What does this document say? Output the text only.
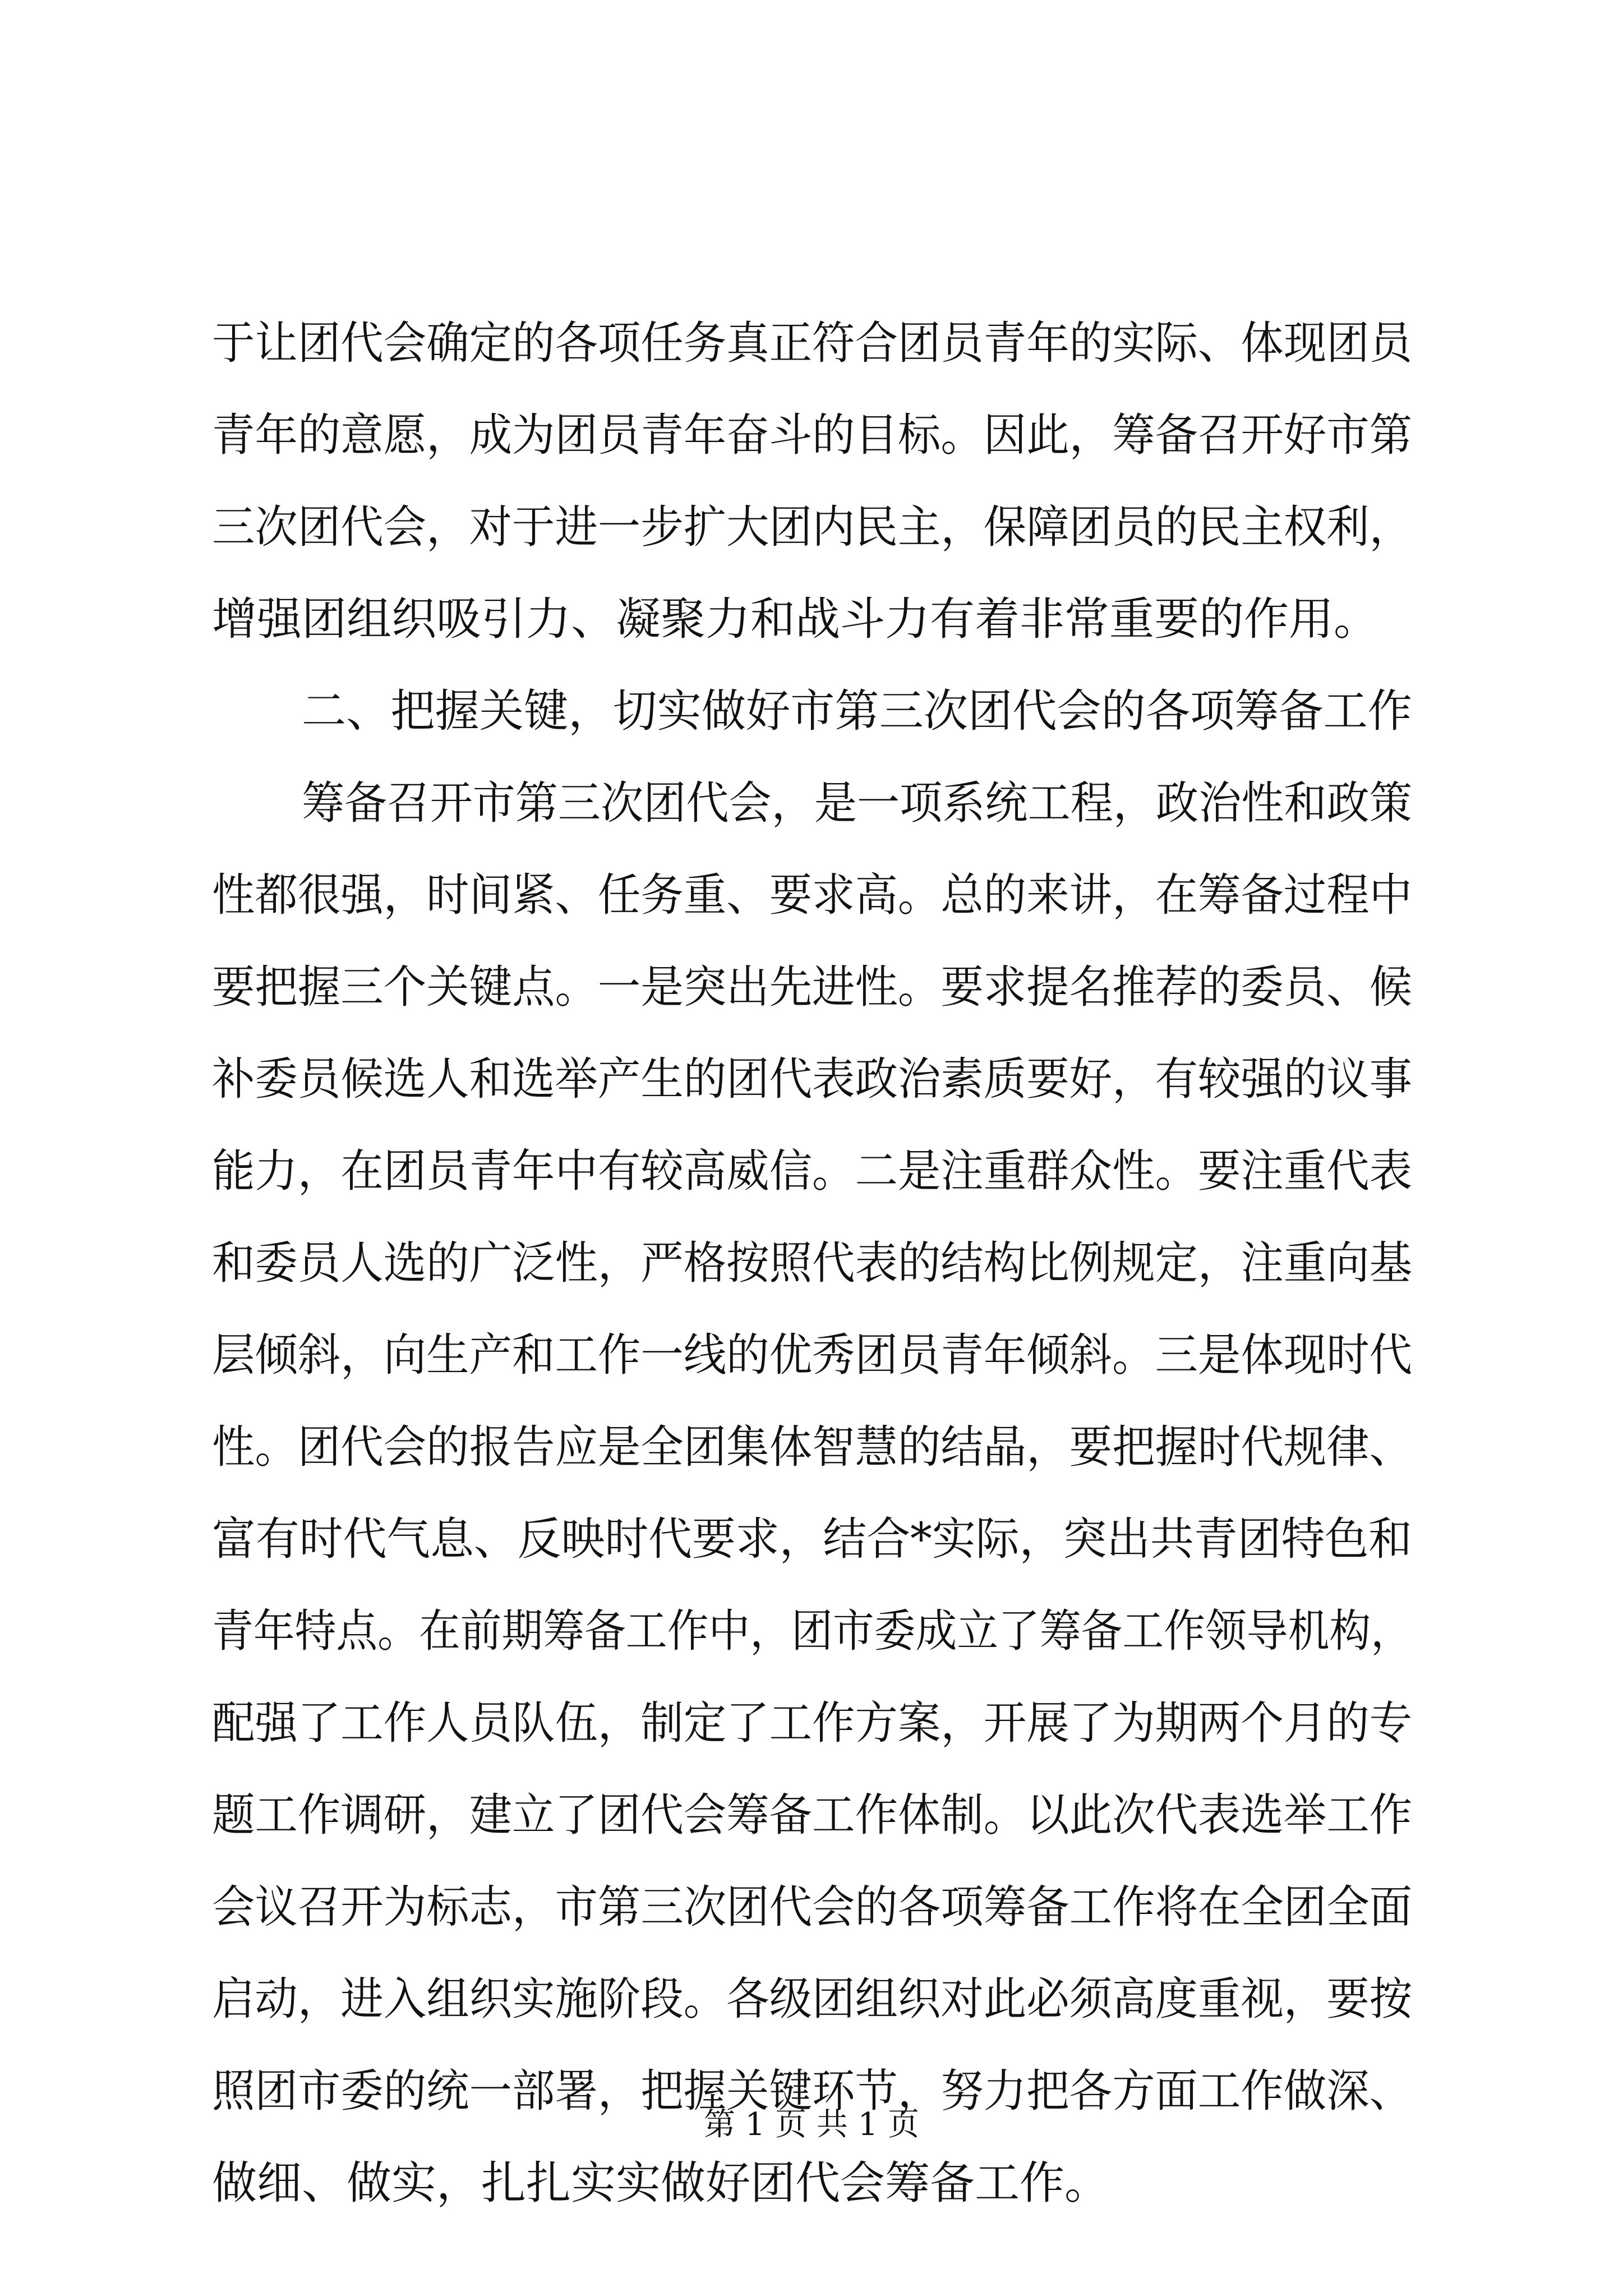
于让团代会确定的各项任务真正符合团员青年的实际、体现团员
青年的意愿，成为团员青年奋斗的目标。因此，筹备召开好市第
三次团代会，对于进一步扩大团内民主，保障团员的民主权利，
增强团组织吸引力、凝聚力和战斗力有着非常重要的作用。
二、把握关键，切实做好市第三次团代会的各项筹备工作
筹备召开市第三次团代会，是一项系统工程，政治性和政策
性都很强，时间紧、任务重、要求高。总的来讲，在筹备过程中
要把握三个关键点。一是突出先进性。要求提名推荐的委员、候
补委员候选人和选举产生的团代表政治素质要好，有较强的议事
能力，在团员青年中有较高威信。二是注重群众性。要注重代表
和委员人选的广泛性，严格按照代表的结构比例规定，注重向基
层倾斜，向生产和工作一线的优秀团员青年倾斜。三是体现时代
性。团代会的报告应是全团集体智慧的结晶，要把握时代规律、
富有时代气息、反映时代要求，结合*实际，突出共青团特色和
青年特点。在前期筹备工作中，团市委成立了筹备工作领导机构，
配强了工作人员队伍，制定了工作方案，开展了为期两个月的专
题工作调研，建立了团代会筹备工作体制。以此次代表选举工作
会议召开为标志，市第三次团代会的各项筹备工作将在全团全面
启动，进入组织实施阶段。各级团组织对此必须高度重视，要按
照团市委的统一部署，把握关键环节，努力把各方面工作做深、
做细、做实，扎扎实实做好团代会筹备工作。
第 1 页 共 1 页
